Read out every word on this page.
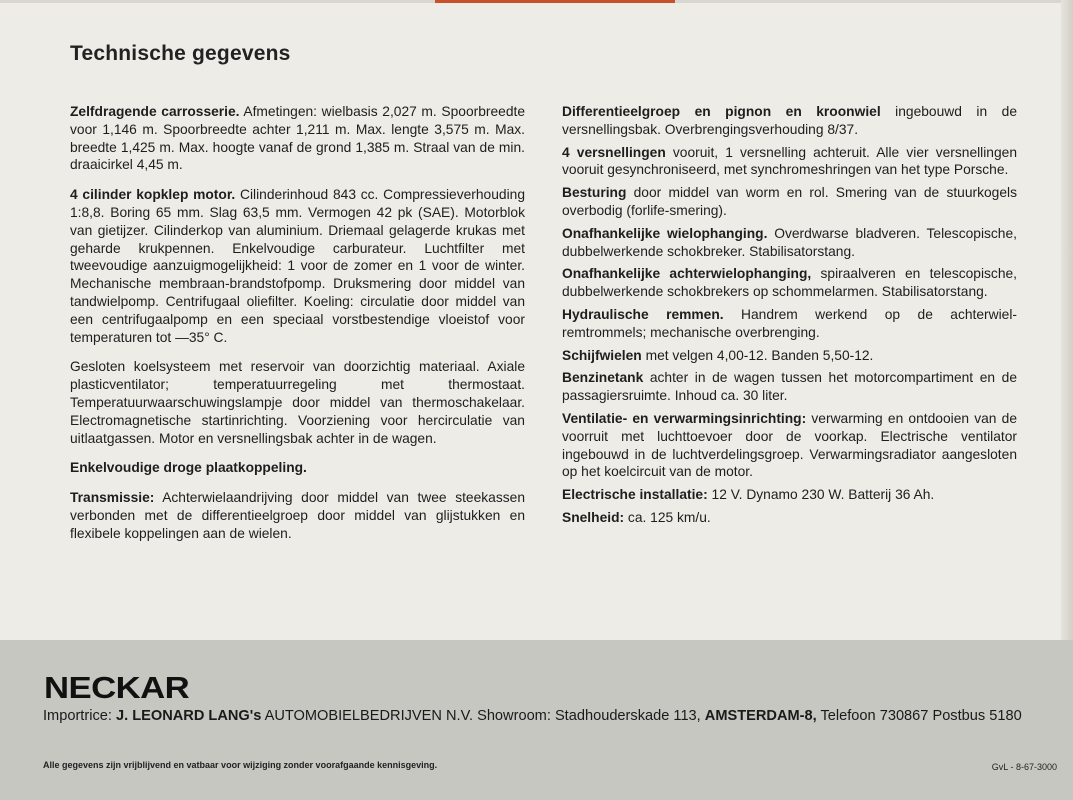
Technische gegevens

Zelfdragende carrosserie. Afmetingen: wielbasis 2,027 m. Spoorbreedte voor 1,146 m. Spoorbreedte achter 1,211 m. Max. lengte 3,575 m. Max. breedte 1,425 m. Max. hoogte vanaf de grond 1,385 m. Straal van de min. draaicirkel 4,45 m.

4 cilinder kopklep motor. Cilinderinhoud 843 cc. Compressieverhouding 1:8,8. Boring 65 mm. Slag 63,5 mm. Vermogen 42 pk (SAE). Motorblok van gietijzer. Cilinderkop van aluminium. Driemaal gelagerde krukas met geharde krukpennen. Enkelvoudige carburateur. Luchtfilter met tweevoudige aanzuigmogelijkheid: 1 voor de zomer en 1 voor de winter. Mechanische membraan-brandstofpomp. Druksmering door middel van tandwielpomp. Centrifugaal oliefilter. Koeling: circulatie door middel van een centrifugaalpomp en een speciaal vorstbestendige vloeistof voor temperaturen tot —35° C.

Gesloten koelsysteem met reservoir van doorzichtig materiaal. Axiale plasticventilator; temperatuurregeling met thermostaat. Temperatuurwaarschuwingslampje door middel van thermoschakelaar. Electromagnetische startinrichting. Voorziening voor hercirculatie van uitlaatgassen. Motor en versnellingsbak achter in de wagen.

Enkelvoudige droge plaatkoppeling.

Transmissie: Achterwielaandrijving door middel van twee steekassen verbonden met de differentieelgroep door middel van glijstukken en flexibele koppelingen aan de wielen.

Differentieelgroep en pignon en kroonwiel ingebouwd in de versnellingsbak. Overbrengingsverhouding 8/37.

4 versnellingen vooruit, 1 versnelling achteruit. Alle vier versnellingen vooruit gesynchroniseerd, met synchromeshringen van het type Porsche.

Besturing door middel van worm en rol. Smering van de stuurkogels overbodig (forlife-smering).

Onafhankelijke wielophanging. Overdwarse bladveren. Telescopische, dubbelwerkende schokbreker. Stabilisatorstang.

Onafhankelijke achterwielophanging, spiraalveren en telescopische, dubbelwerkende schokbrekers op schommelarmen. Stabilisatorstang.

Hydraulische remmen. Handrem werkend op de achterwiel-remtrommels; mechanische overbrenging.

Schijfwielen met velgen 4,00-12. Banden 5,50-12.

Benzinetank achter in de wagen tussen het motorcompartiment en de passagiersruimte. Inhoud ca. 30 liter.

Ventilatie- en verwarmingsinrichting: verwarming en ontdooien van de voorruit met luchttoevoer door de voorkap. Electrische ventilator ingebouwd in de luchtverdelingsgroep. Verwarmingsradiator aangesloten op het koelcircuit van de motor.

Electrische installatie: 12 V. Dynamo 230 W. Batterij 36 Ah.

Snelheid: ca. 125 km/u.

NECKAR
Importrice: J. LEONARD LANG's AUTOMOBIELBEDRIJVEN N.V. Showroom: Stadhouderskade 113, AMSTERDAM-8, Telefoon 730867 Postbus 5180
Alle gegevens zijn vrijblijvend en vatbaar voor wijziging zonder voorafgaande kennisgeving.	GvL - 8-67-3000
